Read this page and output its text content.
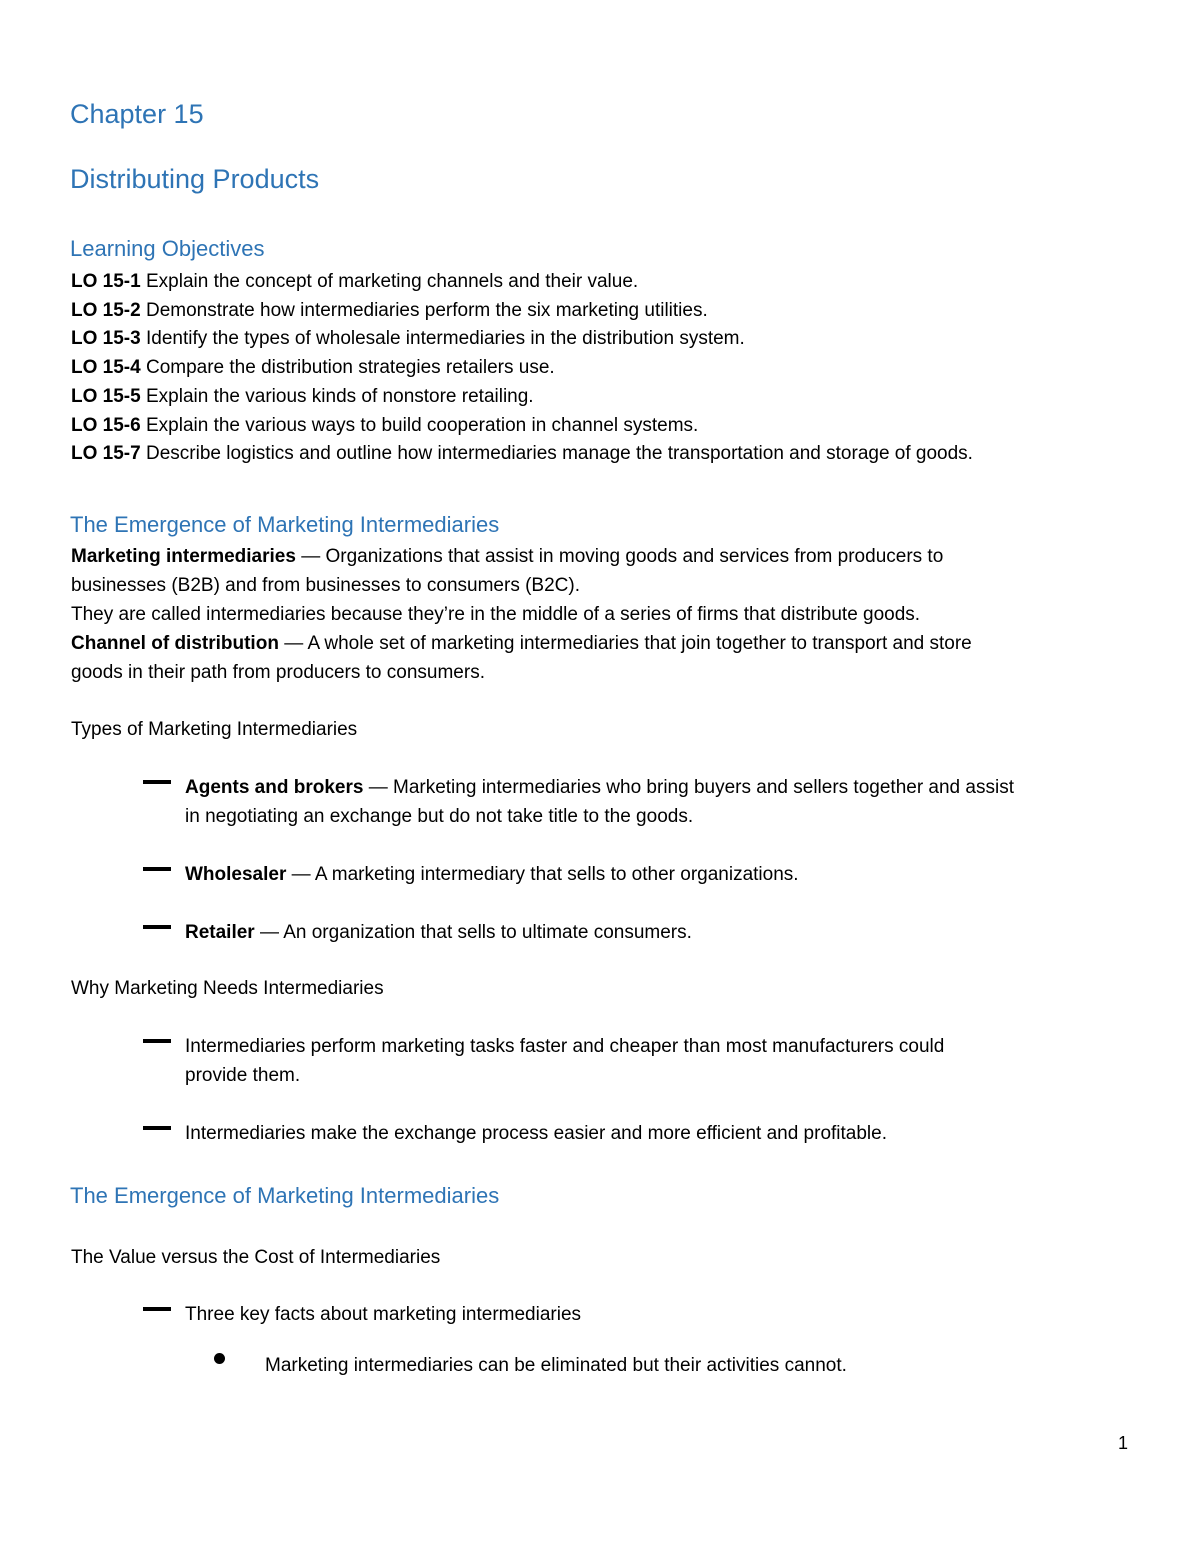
Chapter 15
Distributing Products
Learning Objectives
LO 15-1 Explain the concept of marketing channels and their value.
LO 15-2 Demonstrate how intermediaries perform the six marketing utilities.
LO 15-3 Identify the types of wholesale intermediaries in the distribution system.
LO 15-4 Compare the distribution strategies retailers use.
LO 15-5 Explain the various kinds of nonstore retailing.
LO 15-6 Explain the various ways to build cooperation in channel systems.
LO 15-7 Describe logistics and outline how intermediaries manage the transportation and storage of goods.
The Emergence of Marketing Intermediaries
Marketing intermediaries — Organizations that assist in moving goods and services from producers to
businesses (B2B) and from businesses to consumers (B2C).
They are called intermediaries because they’re in the middle of a series of firms that distribute goods.
Channel of distribution — A whole set of marketing intermediaries that join together to transport and store
goods in their path from producers to consumers.
Types of Marketing Intermediaries
Agents and brokers — Marketing intermediaries who bring buyers and sellers together and assist
in negotiating an exchange but do not take title to the goods.
Wholesaler — A marketing intermediary that sells to other organizations.
Retailer — An organization that sells to ultimate consumers.
Why Marketing Needs Intermediaries
Intermediaries perform marketing tasks faster and cheaper than most manufacturers could
provide them.
Intermediaries make the exchange process easier and more efficient and profitable.
The Emergence of Marketing Intermediaries
The Value versus the Cost of Intermediaries
Three key facts about marketing intermediaries
Marketing intermediaries can be eliminated but their activities cannot.
1
